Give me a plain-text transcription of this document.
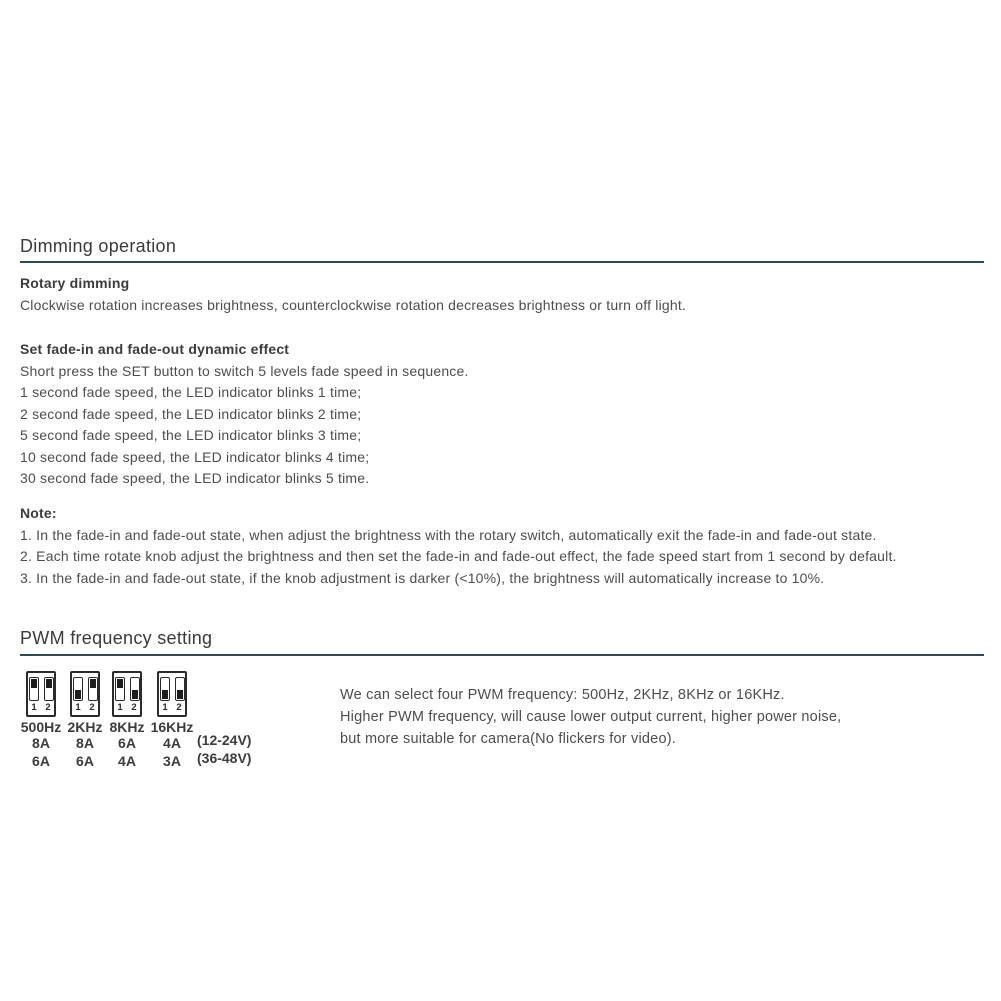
Dimming operation
Rotary dimming
Clockwise rotation increases brightness, counterclockwise rotation decreases brightness or turn off light.
Set fade-in and fade-out dynamic effect
Short press the SET button to switch 5 levels fade speed in sequence.
1 second fade speed, the LED indicator blinks 1 time;
2 second fade speed, the LED indicator blinks 2 time;
5 second fade speed, the LED indicator blinks 3 time;
10 second fade speed, the LED indicator blinks 4 time;
30 second fade speed, the LED indicator blinks 5 time.
Note:
1. In the fade-in and fade-out state, when adjust the brightness with the rotary switch, automatically exit the fade-in and fade-out state.
2. Each time rotate knob adjust the brightness and then set the fade-in and fade-out effect, the fade speed start from 1 second by default.
3. In the fade-in and fade-out state, if the knob adjustment is darker (<10%), the brightness will automatically increase to 10%.
PWM frequency setting
1 2
500Hz
8A
6A
1 2
2KHz
8A
6A
1 2
8KHz
6A
4A
1 2
16KHz
4A
3A
(12-24V)
(36-48V)
We can select four PWM frequency: 500Hz, 2KHz, 8KHz or 16KHz.
Higher PWM frequency, will cause lower output current, higher power noise,
but more suitable for camera(No flickers for video).
